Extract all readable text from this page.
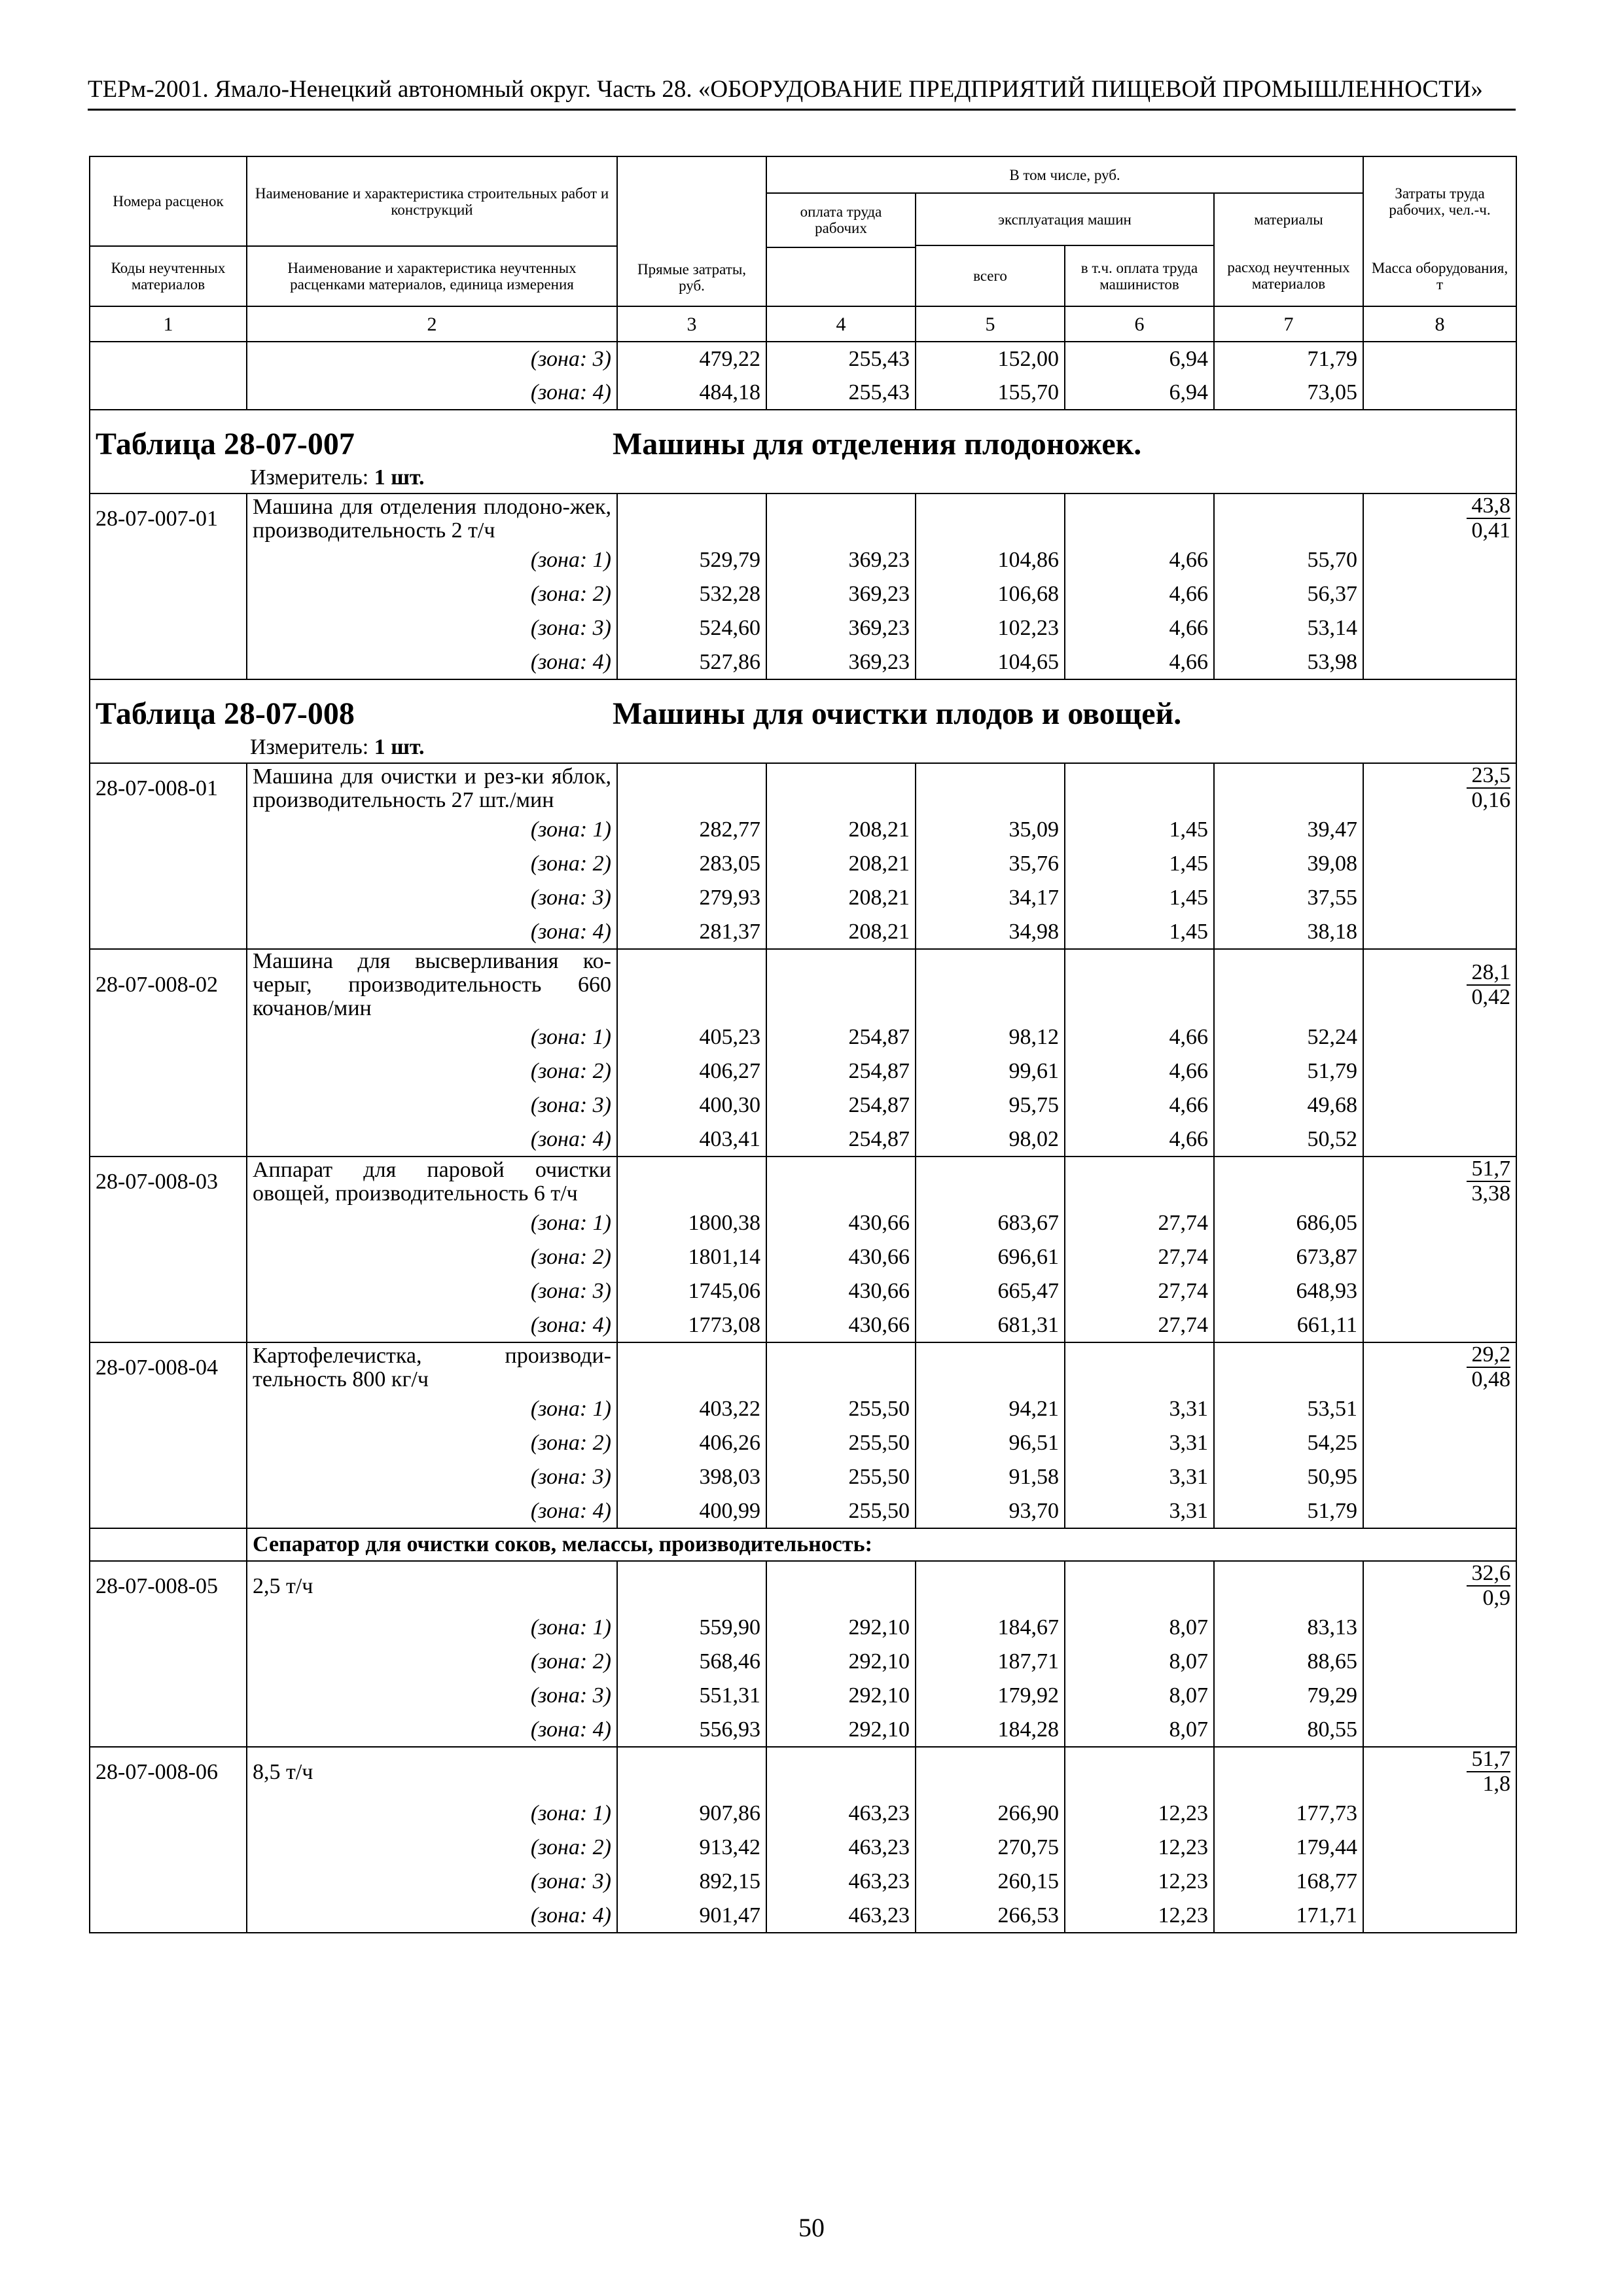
ТЕРм-2001. Ямало-Ненецкий автономный округ. Часть 28. «ОБОРУДОВАНИЕ ПРЕДПРИЯТИЙ ПИЩЕВОЙ ПРОМЫШЛЕННОСТИ»
Номера расценок	Наименование и характеристика строительных работ и конструкций	Прямые затраты, руб.	В том числе, руб.				Затраты труда рабочих, чел.-ч.
			оплата труда рабочих	эксплуатация машин		материалы	
				всего	в т.ч. оплата труда машинистов	расход неучтенных материалов	
Коды неучтенных материалов	Наименование и характеристика неучтенных расценками материалов, единица измерения						Масса оборудования, т

1	2	3	4	5	6	7	8
	(зона: 3)	479,22	255,43	152,00	6,94	71,79	
	(зона: 4)	484,18	255,43	155,70	6,94	73,05	

Таблица 28-07-007 Машины для отделения плодоножек.
Измеритель: 1 шт.							

28-07-007-01	Машина для отделения плодоно-жек, производительность 2 т/ч						$\frac{43,8}{0,41}$

	(зона: 1)	529,79	369,23	104,86	4,66	55,70	
	(зона: 2)	532,28	369,23	106,68	4,66	56,37	
	(зона: 3)	524,60	369,23	102,23	4,66	53,14	
	(зона: 4)	527,86	369,23	104,65	4,66	53,98	

Таблица 28-07-008 Машины для очистки плодов и овощей.
Измеритель: 1 шт.							

28-07-008-01	Машина для очистки и рез-ки яблок, производительность 27 шт./мин						$\frac{23,5}{0,16}$

	(зона: 1)	282,77	208,21	35,09	1,45	39,47	
	(зона: 2)	283,05	208,21	35,76	1,45	39,08	
	(зона: 3)	279,93	208,21	34,17	1,45	37,55	
	(зона: 4)	281,37	208,21	34,98	1,45	38,18	
28-07-008-02	Машина для высверливания ко-черыг, производительность 660 кочанов/мин						$\frac{28,1}{0,42}$

	(зона: 1)	405,23	254,87	98,12	4,66	52,24	
	(зона: 2)	406,27	254,87	99,61	4,66	51,79	
	(зона: 3)	400,30	254,87	95,75	4,66	49,68	
	(зона: 4)	403,41	254,87	98,02	4,66	50,52	
28-07-008-03	Аппарат для паровой очистки овощей, производительность 6 т/ч						$\frac{51,7}{3,38}$

	(зона: 1)	1800,38	430,66	683,67	27,74	686,05	
	(зона: 2)	1801,14	430,66	696,61	27,74	673,87	
	(зона: 3)	1745,06	430,66	665,47	27,74	648,93	
	(зона: 4)	1773,08	430,66	681,31	27,74	661,11	
28-07-008-04	Картофелечистка, производи-тельность 800 кг/ч						$\frac{29,2}{0,48}$

	(зона: 1)	403,22	255,50	94,21	3,31	53,51	
	(зона: 2)	406,26	255,50	96,51	3,31	54,25	
	(зона: 3)	398,03	255,50	91,58	3,31	50,95	
	(зона: 4)	400,99	255,50	93,70	3,31	51,79	
	Сепаратор для очистки соков, мелассы, производительность:						
28-07-008-05	2,5 т/ч						$\frac{32,6}{0,9}$

	(зона: 1)	559,90	292,10	184,67	8,07	83,13	
	(зона: 2)	568,46	292,10	187,71	8,07	88,65	
	(зона: 3)	551,31	292,10	179,92	8,07	79,29	
	(зона: 4)	556,93	292,10	184,28	8,07	80,55	
28-07-008-06	8,5 т/ч						$\frac{51,7}{1,8}$

	(зона: 1)	907,86	463,23	266,90	12,23	177,73	
	(зона: 2)	913,42	463,23	270,75	12,23	179,44	
	(зона: 3)	892,15	463,23	260,15	12,23	168,77	
	(зона: 4)	901,47	463,23	266,53	12,23	171,71	
50
